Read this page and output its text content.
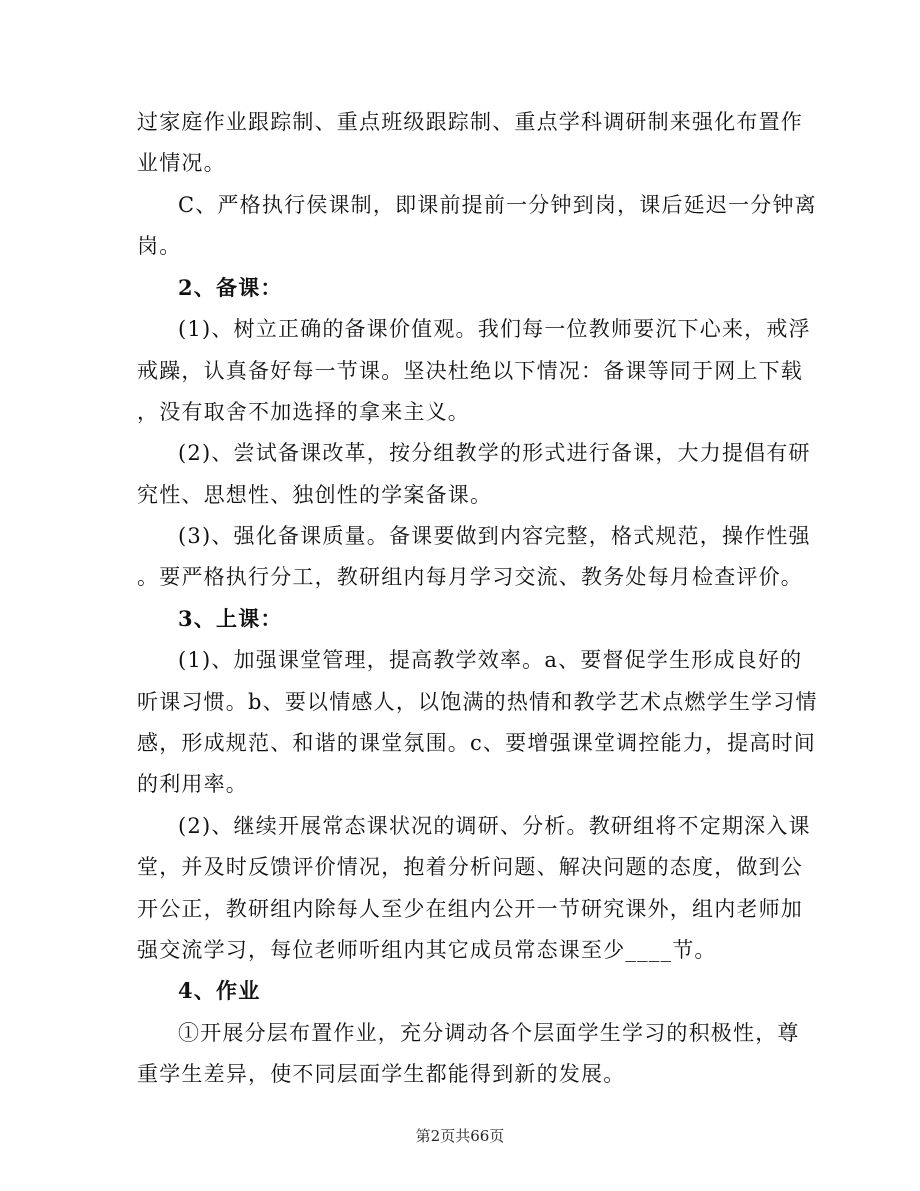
过家庭作业跟踪制、重点班级跟踪制、重点学科调研制来强化布置作
业情况。
C、严格执行侯课制，即课前提前一分钟到岗，课后延迟一分钟离
岗。
2、备课：
(1)、树立正确的备课价值观。我们每一位教师要沉下心来，戒浮
戒躁，认真备好每一节课。坚决杜绝以下情况：备课等同于网上下载
，没有取舍不加选择的拿来主义。
(2)、尝试备课改革，按分组教学的形式进行备课，大力提倡有研
究性、思想性、独创性的学案备课。
(3)、强化备课质量。备课要做到内容完整，格式规范，操作性强
。要严格执行分工，教研组内每月学习交流、教务处每月检查评价。
3、上课：
(1)、加强课堂管理，提高教学效率。a、要督促学生形成良好的
听课习惯。b、要以情感人，以饱满的热情和教学艺术点燃学生学习情
感，形成规范、和谐的课堂氛围。c、要增强课堂调控能力，提高时间
的利用率。
(2)、继续开展常态课状况的调研、分析。教研组将不定期深入课
堂，并及时反馈评价情况，抱着分析问题、解决问题的态度，做到公
开公正，教研组内除每人至少在组内公开一节研究课外，组内老师加
强交流学习，每位老师听组内其它成员常态课至少____节。
4、作业
①开展分层布置作业，充分调动各个层面学生学习的积极性，尊
重学生差异，使不同层面学生都能得到新的发展。
第2页共66页
